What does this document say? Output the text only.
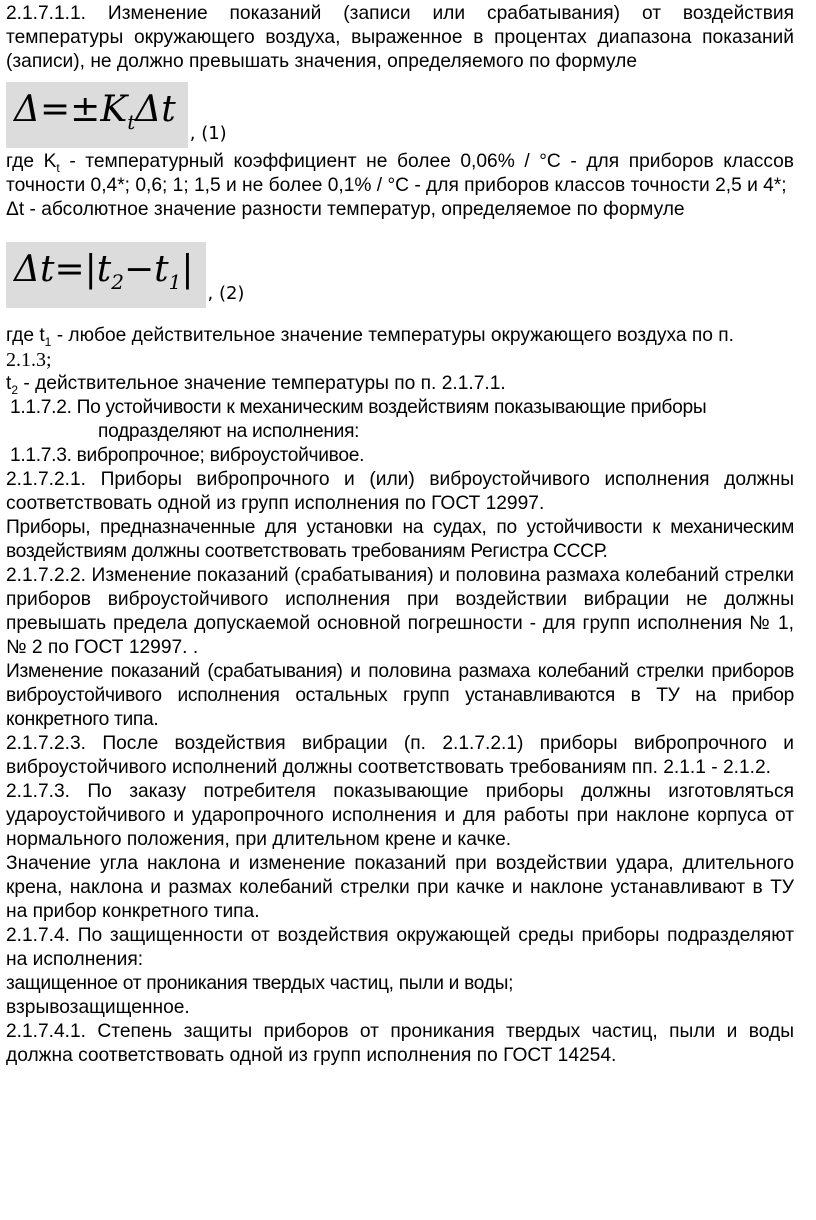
2.1.7.1.1. Изменение показаний (записи или срабатывания) от воздействия температуры окружающего воздуха, выраженное в процентах диапазона показаний (записи), не должно превышать значения, определяемого по формуле

$\Delta=\pm K_t\Delta t$
, (1)

где $K_t$ - температурный коэффициент не более 0,06% / °C - для приборов классов точности 0,4*; 0,6; 1; 1,5 и не более 0,1% / °C - для приборов классов точности 2,5 и 4*;

Δt - абсолютное значение разности температур, определяемое по формуле

$\Delta t=|t_2-t_1|$
, (2)

где $t_1$ - любое действительное значение температуры окружающего воздуха по п.

2.1.3;

$t_2$ - действительное значение температуры по п. 2.1.7.1.

1.1.7.2. По устойчивости к механическим воздействиям показывающие приборы

подразделяют на исполнения:

1.1.7.3. вибропрочное; виброустойчивое.

2.1.7.2.1. Приборы вибропрочного и (или) виброустойчивого исполнения должны соответствовать одной из групп исполнения по ГОСТ 12997.

Приборы, предназначенные для установки на судах, по устойчивости к механическим воздействиям должны соответствовать требованиям Регистра СССР.

2.1.7.2.2. Изменение показаний (срабатывания) и половина размаха колебаний стрелки приборов виброустойчивого исполнения при воздействии вибрации не должны превышать предела допускаемой основной погрешности - для групп исполнения № 1, № 2 по ГОСТ 12997. .

Изменение показаний (срабатывания) и половина размаха колебаний стрелки приборов виброустойчивого исполнения остальных групп устанавливаются в ТУ на прибор конкретного типа.

2.1.7.2.3. После воздействия вибрации (п. 2.1.7.2.1) приборы вибропрочного и виброустойчивого исполнений должны соответствовать требованиям пп. 2.1.1 - 2.1.2.

2.1.7.3. По заказу потребителя показывающие приборы должны изготовляться удароустойчивого и ударопрочного исполнения и для работы при наклоне корпуса от нормального положения, при длительном крене и качке.

Значение угла наклона и изменение показаний при воздействии удара, длительного крена, наклона и размах колебаний стрелки при качке и наклоне устанавливают в ТУ на прибор конкретного типа.

2.1.7.4. По защищенности от воздействия окружающей среды приборы подразделяют на исполнения:

защищенное от проникания твердых частиц, пыли и воды;

взрывозащищенное.

2.1.7.4.1. Степень защиты приборов от проникания твердых частиц, пыли и воды должна соответствовать одной из групп исполнения по ГОСТ 14254.
